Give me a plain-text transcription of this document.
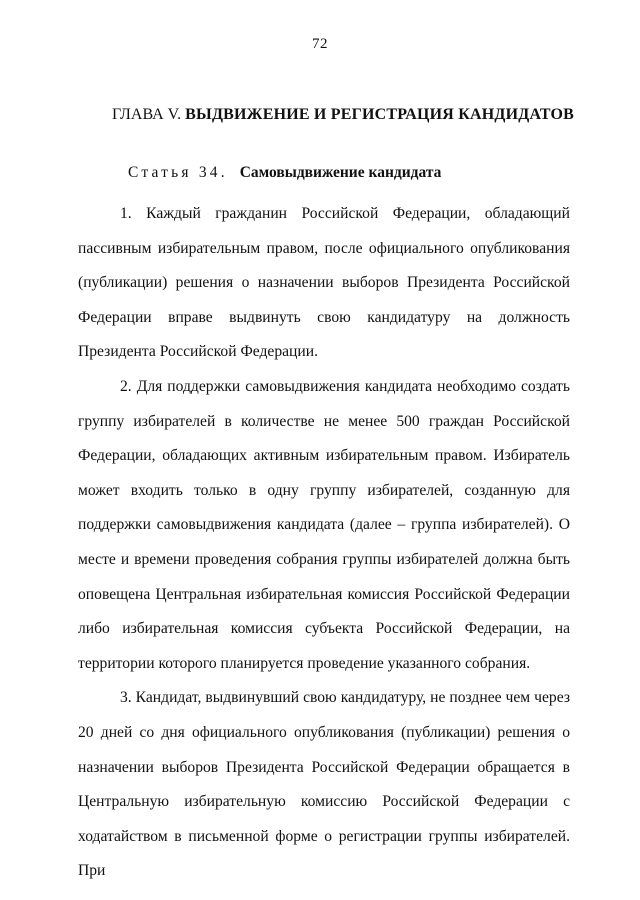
72
ГЛАВА V. ВЫДВИЖЕНИЕ И РЕГИСТРАЦИЯ КАНДИДАТОВ
Статья 34. Самовыдвижение кандидата

1. Каждый гражданин Российской Федерации, обладающий пассивным избирательным правом, после официального опубликования (публикации) решения о назначении выборов Президента Российской Федерации вправе выдвинуть свою кандидатуру на должность Президента Российской Федерации.

2. Для поддержки самовыдвижения кандидата необходимо создать группу избирателей в количестве не менее 500 граждан Российской Федерации, обладающих активным избирательным правом. Избиратель может входить только в одну группу избирателей, созданную для поддержки самовыдвижения кандидата (далее – группа избирателей). О месте и времени проведения собрания группы избирателей должна быть оповещена Центральная избирательная комиссия Российской Федерации либо избирательная комиссия субъекта Российской Федерации, на территории которого планируется проведение указанного собрания.

3. Кандидат, выдвинувший свою кандидатуру, не позднее чем через 20 дней со дня официального опубликования (публикации) решения о назначении выборов Президента Российской Федерации обращается в Центральную избирательную комиссию Российской Федерации с ходатайством в письменной форме о регистрации группы избирателей. При
